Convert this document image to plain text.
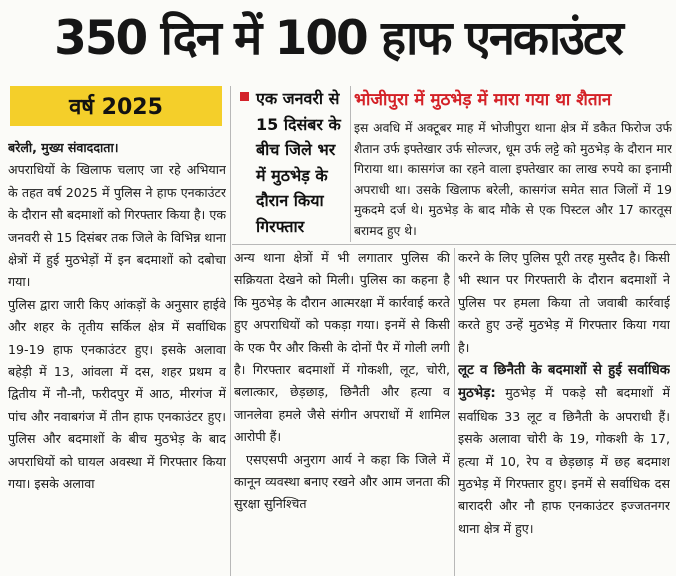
350 दिन में 100 हाफ एनकाउंटर
वर्ष 2025

बरेली, मुख्य संवाददाता।

अपराधियों के खिलाफ चलाए जा रहे अभियान के तहत वर्ष 2025 में पुलिस ने हाफ एनकाउंटर के दौरान सौ बदमाशों को गिरफ्तार किया है। एक जनवरी से 15 दिसंबर तक जिले के विभिन्न थाना क्षेत्रों में हुई मुठभेड़ों में इन बदमाशों को दबोचा गया।

पुलिस द्वारा जारी किए आंकड़ों के अनुसार हाईवे और शहर के तृतीय सर्किल क्षेत्र में सर्वाधिक 19-19 हाफ एनकाउंटर हुए। इसके अलावा बहेड़ी में 13, आंवला में दस, शहर प्रथम व द्वितीय में नौ-नौ, फरीदपुर में आठ, मीरगंज में पांच और नवाबगंज में तीन हाफ एनकाउंटर हुए। पुलिस और बदमाशों के बीच मुठभेड़ के बाद अपराधियों को घायल अवस्था में गिरफ्तार किया गया। इसके अलावा

एक जनवरी से 15 दिसंबर के बीच जिले भर में मुठभेड़ के दौरान किया गिरफ्तार
भोजीपुरा में मुठभेड़ में मारा गया था शैतान
इस अवधि में अक्टूबर माह में भोजीपुरा थाना क्षेत्र में डकैत फिरोज उर्फ शैतान उर्फ इफ्तेखार उर्फ सोल्जर, धूम उर्फ लट्टे को मुठभेड़ के दौरान मार गिराया था। कासगंज का रहने वाला इफ्तेखार का लाख रुपये का इनामी अपराधी था। उसके खिलाफ बरेली, कासगंज समेत सात जिलों में 19 मुकदमे दर्ज थे। मुठभेड़ के बाद मौके से एक पिस्टल और 17 कारतूस बरामद हुए थे।

अन्य थाना क्षेत्रों में भी लगातार पुलिस की सक्रियता देखने को मिली। पुलिस का कहना है कि मुठभेड़ के दौरान आत्मरक्षा में कार्रवाई करते हुए अपराधियों को पकड़ा गया। इनमें से किसी के एक पैर और किसी के दोनों पैर में गोली लगी है। गिरफ्तार बदमाशों में गोकशी, लूट, चोरी, बलात्कार, छेड़छाड़, छिनैती और हत्या व जानलेवा हमले जैसे संगीन अपराधों में शामिल आरोपी हैं।

एसएसपी अनुराग आर्य ने कहा कि जिले में कानून व्यवस्था बनाए रखने और आम जनता की सुरक्षा सुनिश्चित

करने के लिए पुलिस पूरी तरह मुस्तैद है। किसी भी स्थान पर गिरफ्तारी के दौरान बदमाशों ने पुलिस पर हमला किया तो जवाबी कार्रवाई करते हुए उन्हें मुठभेड़ में गिरफ्तार किया गया है।

लूट व छिनैती के बदमाशों से हुई सर्वाधिक मुठभेड़: मुठभेड़ में पकड़े सौ बदमाशों में सर्वाधिक 33 लूट व छिनैती के अपराधी हैं। इसके अलावा चोरी के 19, गोकशी के 17, हत्या में 10, रेप व छेड़छाड़ में छह बदमाश मुठभेड़ में गिरफ्तार हुए। इनमें से सर्वाधिक दस बारादरी और नौ हाफ एनकाउंटर इज्जतनगर थाना क्षेत्र में हुए।
